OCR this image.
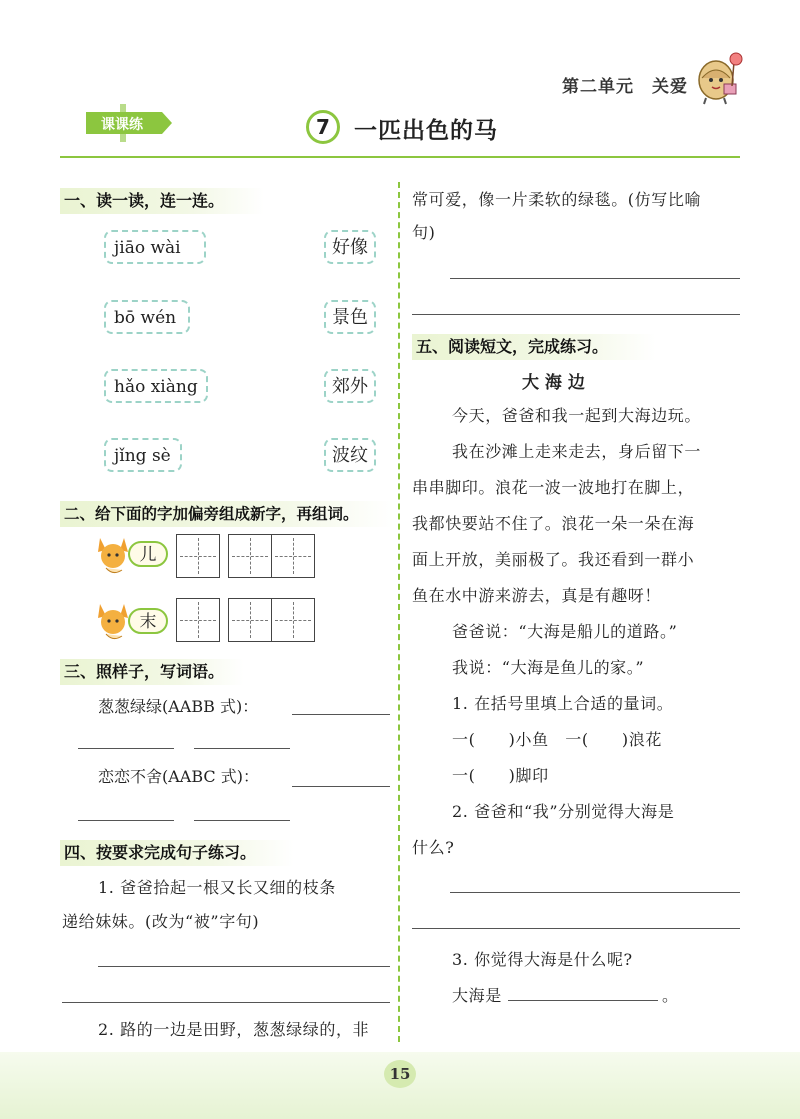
第二单元 关爱
课课练	7	一匹出色的马
一、读一读，连一连。
jiāo wài
bō wén
hǎo xiàng
jǐng sè
好像
景色
郊外
波纹
二、给下面的字加偏旁组成新字，再组词。
儿
末
三、照样子，写词语。
葱葱绿绿(AABB 式)：
恋恋不舍(AABC 式)：
四、按要求完成句子练习。
1. 爸爸拾起一根又长又细的枝条
递给妹妹。(改为“被”字句)
2. 路的一边是田野，葱葱绿绿的，非
常可爱，像一片柔软的绿毯。(仿写比喻
句)
五、阅读短文，完成练习。
大 海 边
今天，爸爸和我一起到大海边玩。
我在沙滩上走来走去，身后留下一
串串脚印。浪花一波一波地打在脚上，
我都快要站不住了。浪花一朵一朵在海
面上开放，美丽极了。我还看到一群小
鱼在水中游来游去，真是有趣呀！
爸爸说：“大海是船儿的道路。”
我说：“大海是鱼儿的家。”
1. 在括号里填上合适的量词。
一(　　)小鱼　一(　　)浪花
一(　　)脚印
2. 爸爸和“我”分别觉得大海是
什么?
3. 你觉得大海是什么呢?
大海是	。
15
